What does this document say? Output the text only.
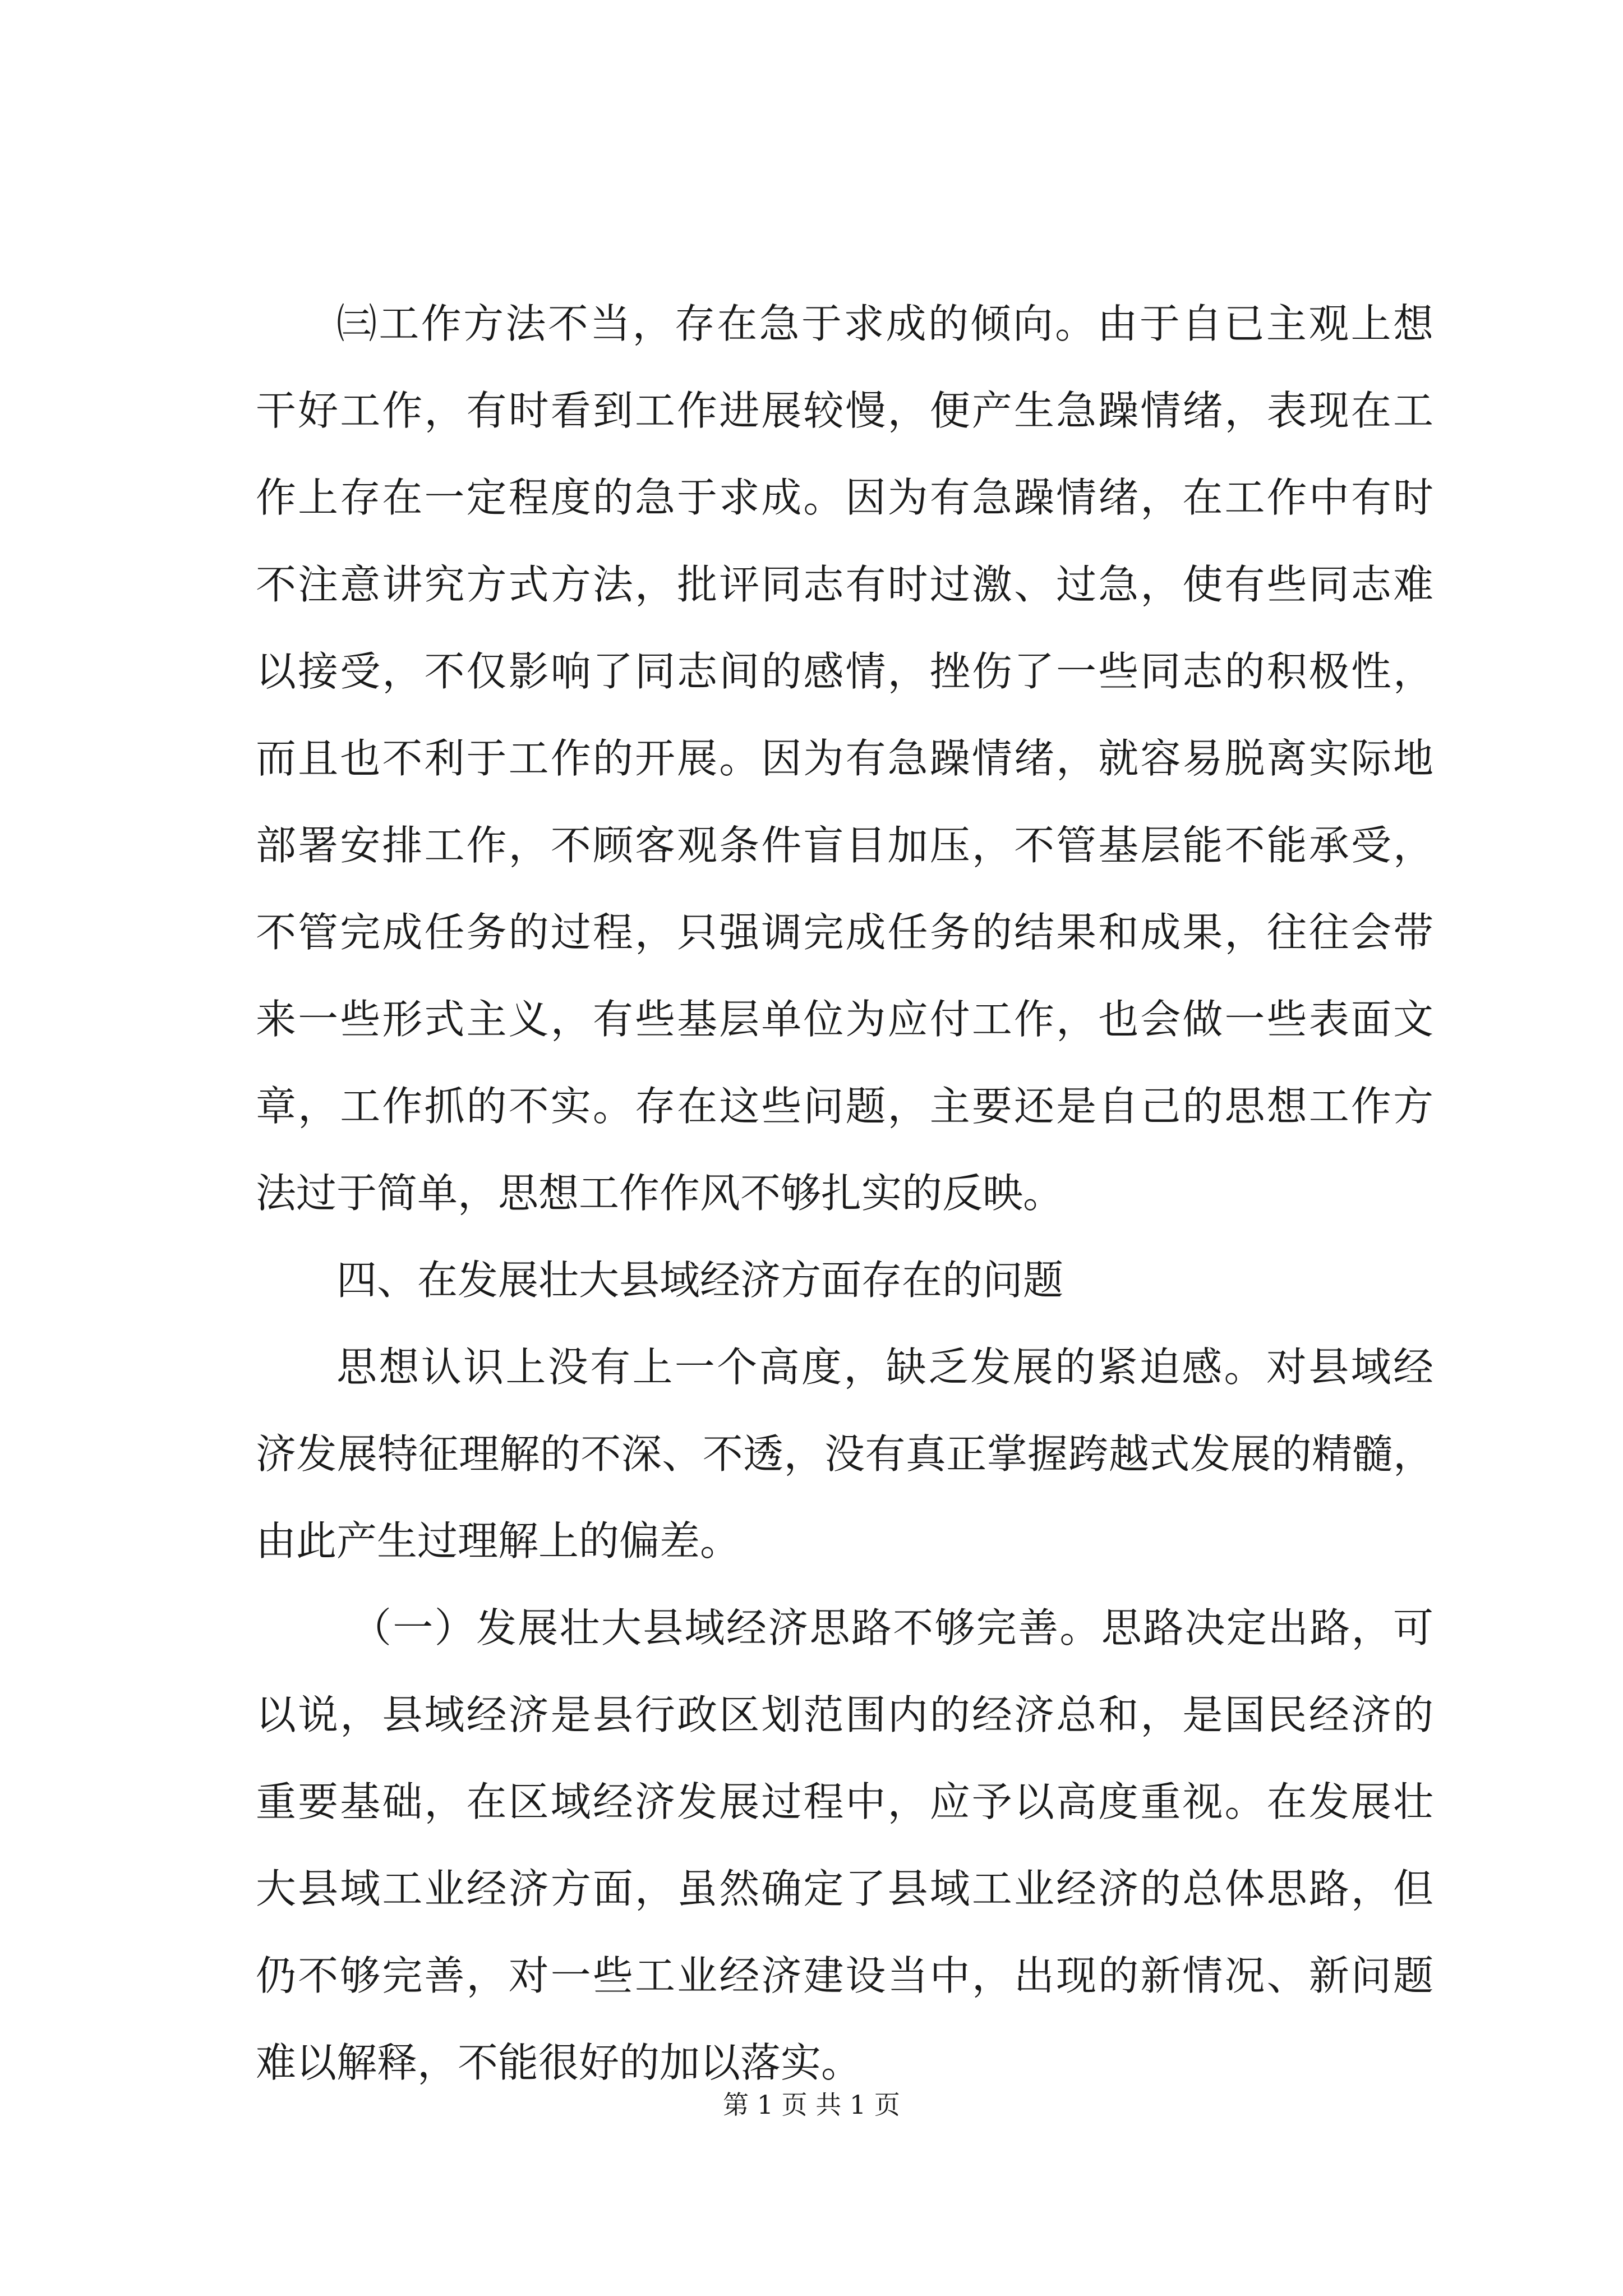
㈢工作方法不当，存在急于求成的倾向。由于自已主观上想
干好工作，有时看到工作进展较慢，便产生急躁情绪，表现在工
作上存在一定程度的急于求成。因为有急躁情绪，在工作中有时
不注意讲究方式方法，批评同志有时过激、过急，使有些同志难
以接受，不仅影响了同志间的感情，挫伤了一些同志的积极性，
而且也不利于工作的开展。因为有急躁情绪，就容易脱离实际地
部署安排工作，不顾客观条件盲目加压，不管基层能不能承受，
不管完成任务的过程，只强调完成任务的结果和成果，往往会带
来一些形式主义，有些基层单位为应付工作，也会做一些表面文
章，工作抓的不实。存在这些问题，主要还是自己的思想工作方
法过于简单，思想工作作风不够扎实的反映。
四、在发展壮大县域经济方面存在的问题
思想认识上没有上一个高度，缺乏发展的紧迫感。对县域经
济发展特征理解的不深、不透，没有真正掌握跨越式发展的精髓，
由此产生过理解上的偏差。
（一）发展壮大县域经济思路不够完善。思路决定出路，可
以说，县域经济是县行政区划范围内的经济总和，是国民经济的
重要基础，在区域经济发展过程中，应予以高度重视。在发展壮
大县域工业经济方面，虽然确定了县域工业经济的总体思路，但
仍不够完善，对一些工业经济建设当中，出现的新情况、新问题
难以解释，不能很好的加以落实。
第 1 页 共 1 页
